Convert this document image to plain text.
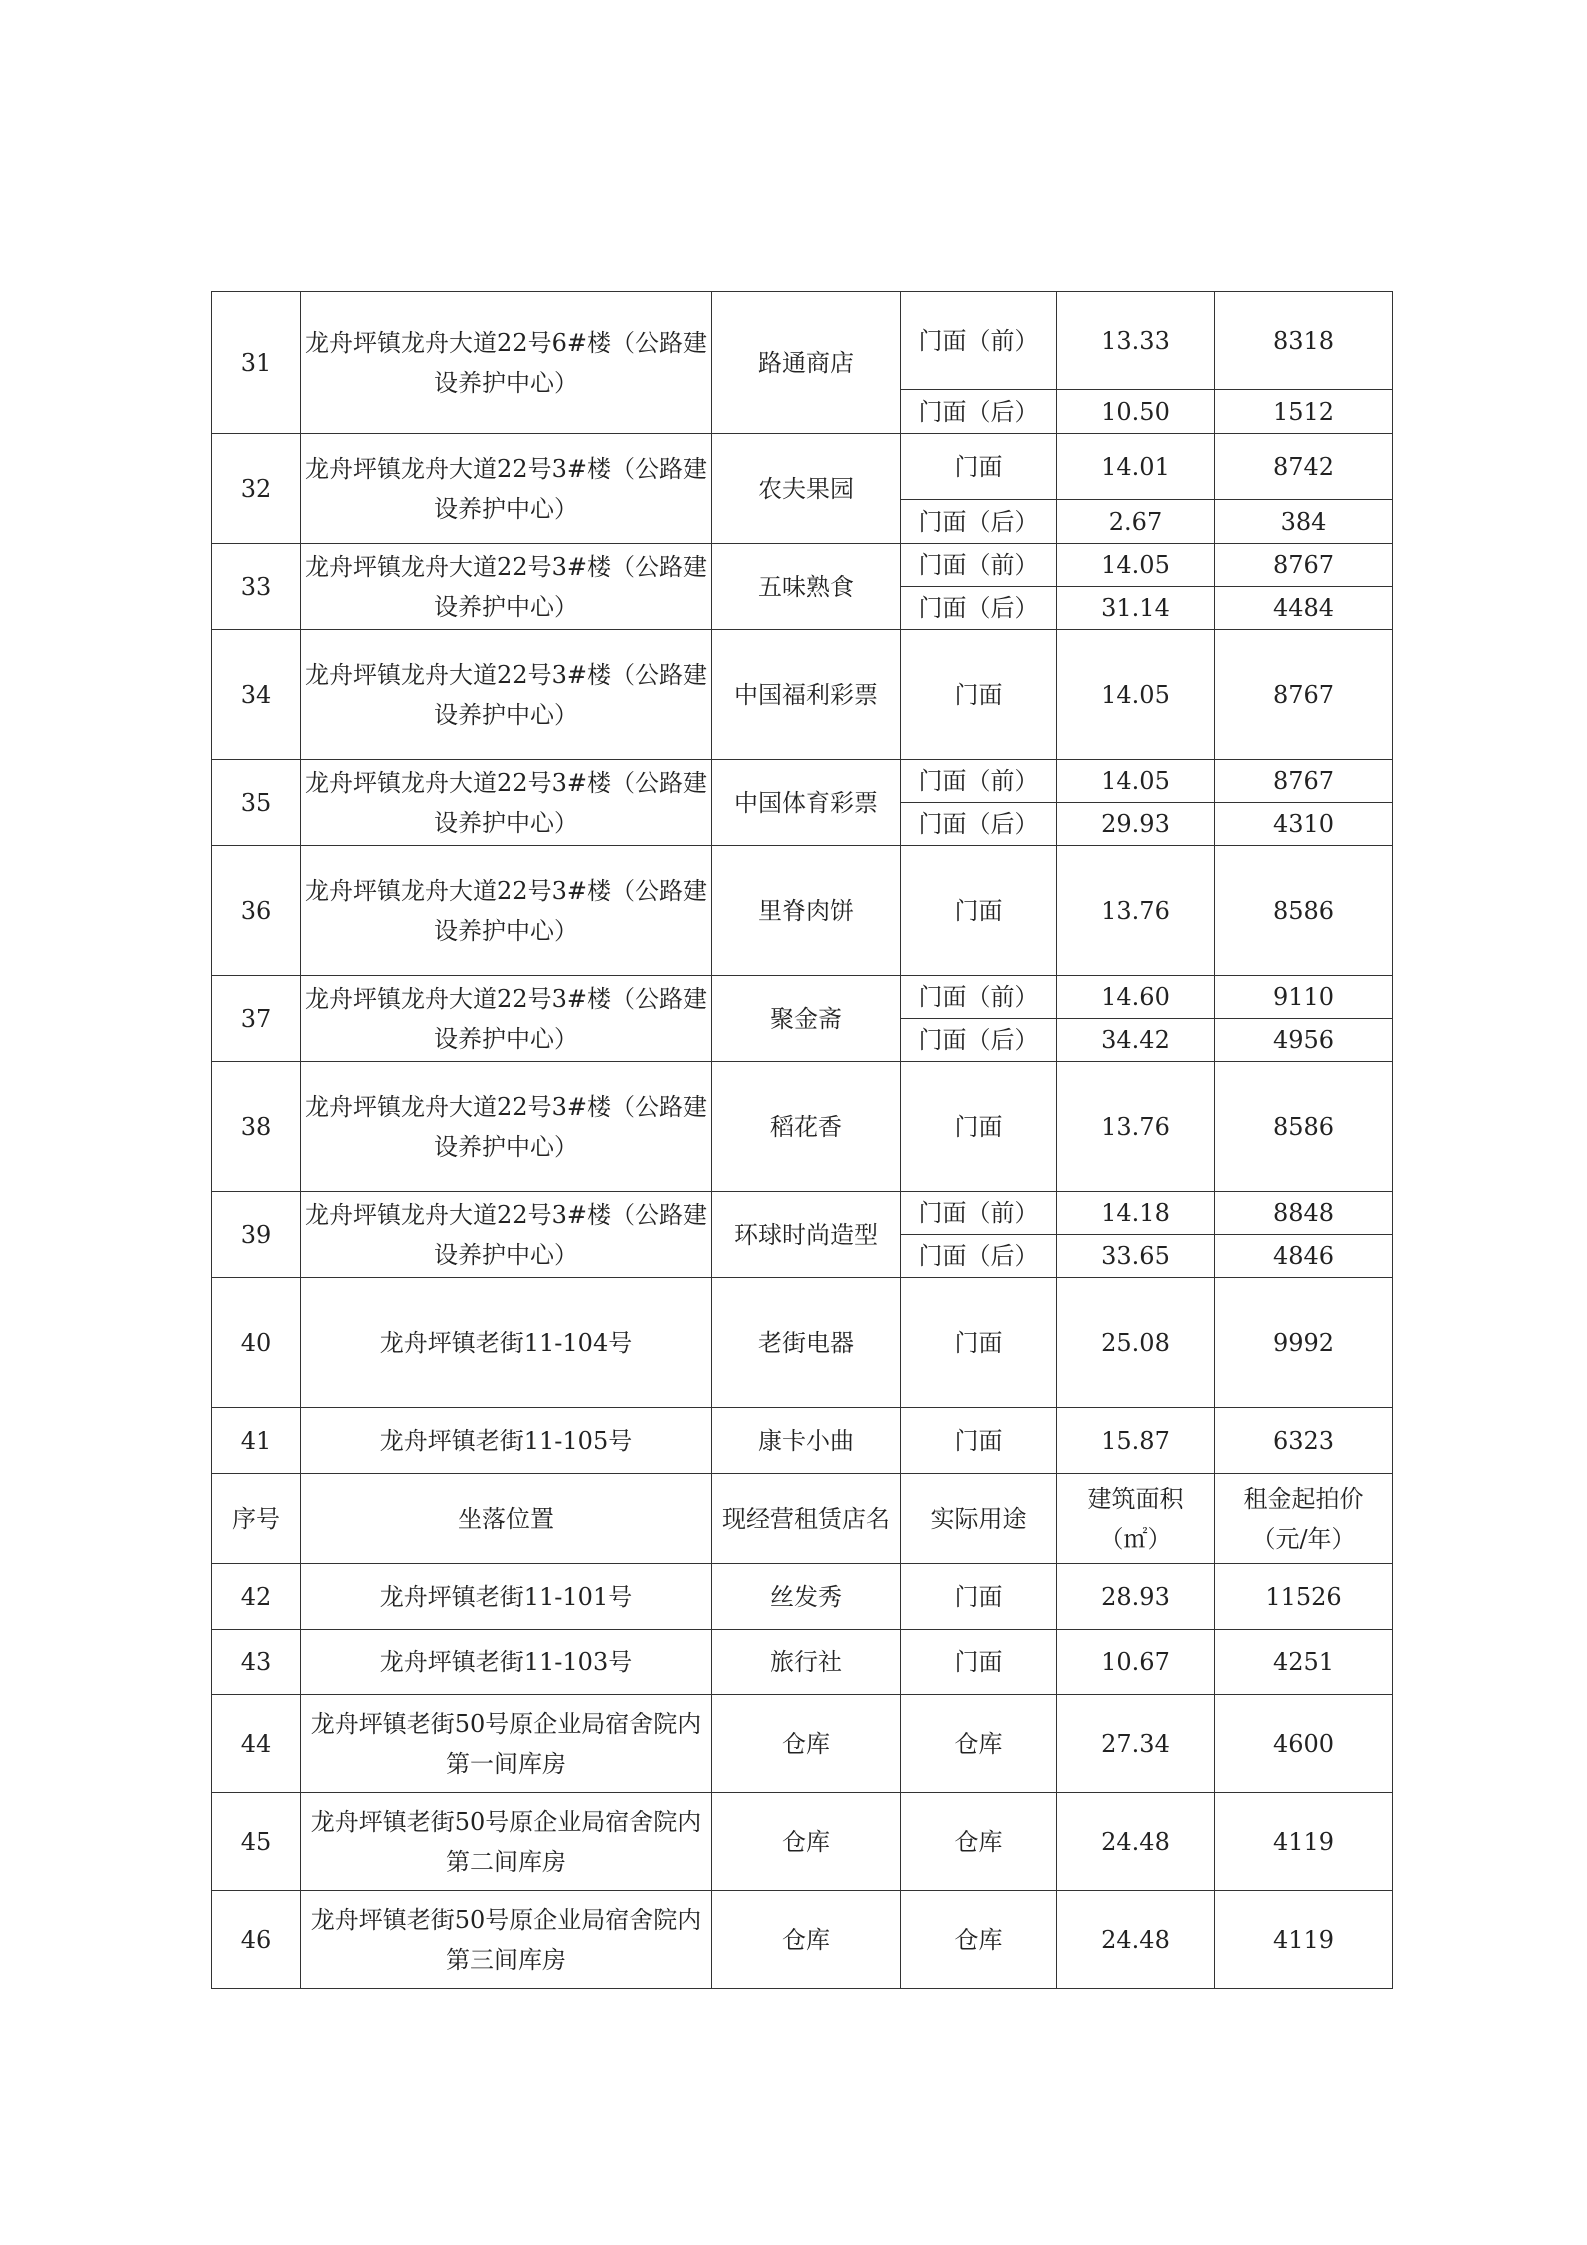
31	龙舟坪镇龙舟大道22号6#楼（公路建设养护中心）	路通商店	门面（前）	13.33	8318
			门面（后）	10.50	1512
32	龙舟坪镇龙舟大道22号3#楼（公路建设养护中心）	农夫果园	门面	14.01	8742
			门面（后）	2.67	384
33	龙舟坪镇龙舟大道22号3#楼（公路建设养护中心）	五味熟食	门面（前）	14.05	8767
			门面（后）	31.14	4484
34	龙舟坪镇龙舟大道22号3#楼（公路建设养护中心）	中国福利彩票	门面	14.05	8767
35	龙舟坪镇龙舟大道22号3#楼（公路建设养护中心）	中国体育彩票	门面（前）	14.05	8767
			门面（后）	29.93	4310
36	龙舟坪镇龙舟大道22号3#楼（公路建设养护中心）	里脊肉饼	门面	13.76	8586
37	龙舟坪镇龙舟大道22号3#楼（公路建设养护中心）	聚金斋	门面（前）	14.60	9110
			门面（后）	34.42	4956
38	龙舟坪镇龙舟大道22号3#楼（公路建设养护中心）	稻花香	门面	13.76	8586
39	龙舟坪镇龙舟大道22号3#楼（公路建设养护中心）	环球时尚造型	门面（前）	14.18	8848
			门面（后）	33.65	4846
40	龙舟坪镇老街11-104号	老街电器	门面	25.08	9992
41	龙舟坪镇老街11-105号	康卡小曲	门面	15.87	6323
序号	坐落位置	现经营租赁店名	实际用途	建筑面积（㎡）	租金起拍价（元/年）
42	龙舟坪镇老街11-101号	丝发秀	门面	28.93	11526
43	龙舟坪镇老街11-103号	旅行社	门面	10.67	4251
44	龙舟坪镇老街50号原企业局宿舍院内第一间库房	仓库	仓库	27.34	4600
45	龙舟坪镇老街50号原企业局宿舍院内第二间库房	仓库	仓库	24.48	4119
46	龙舟坪镇老街50号原企业局宿舍院内第三间库房	仓库	仓库	24.48	4119
